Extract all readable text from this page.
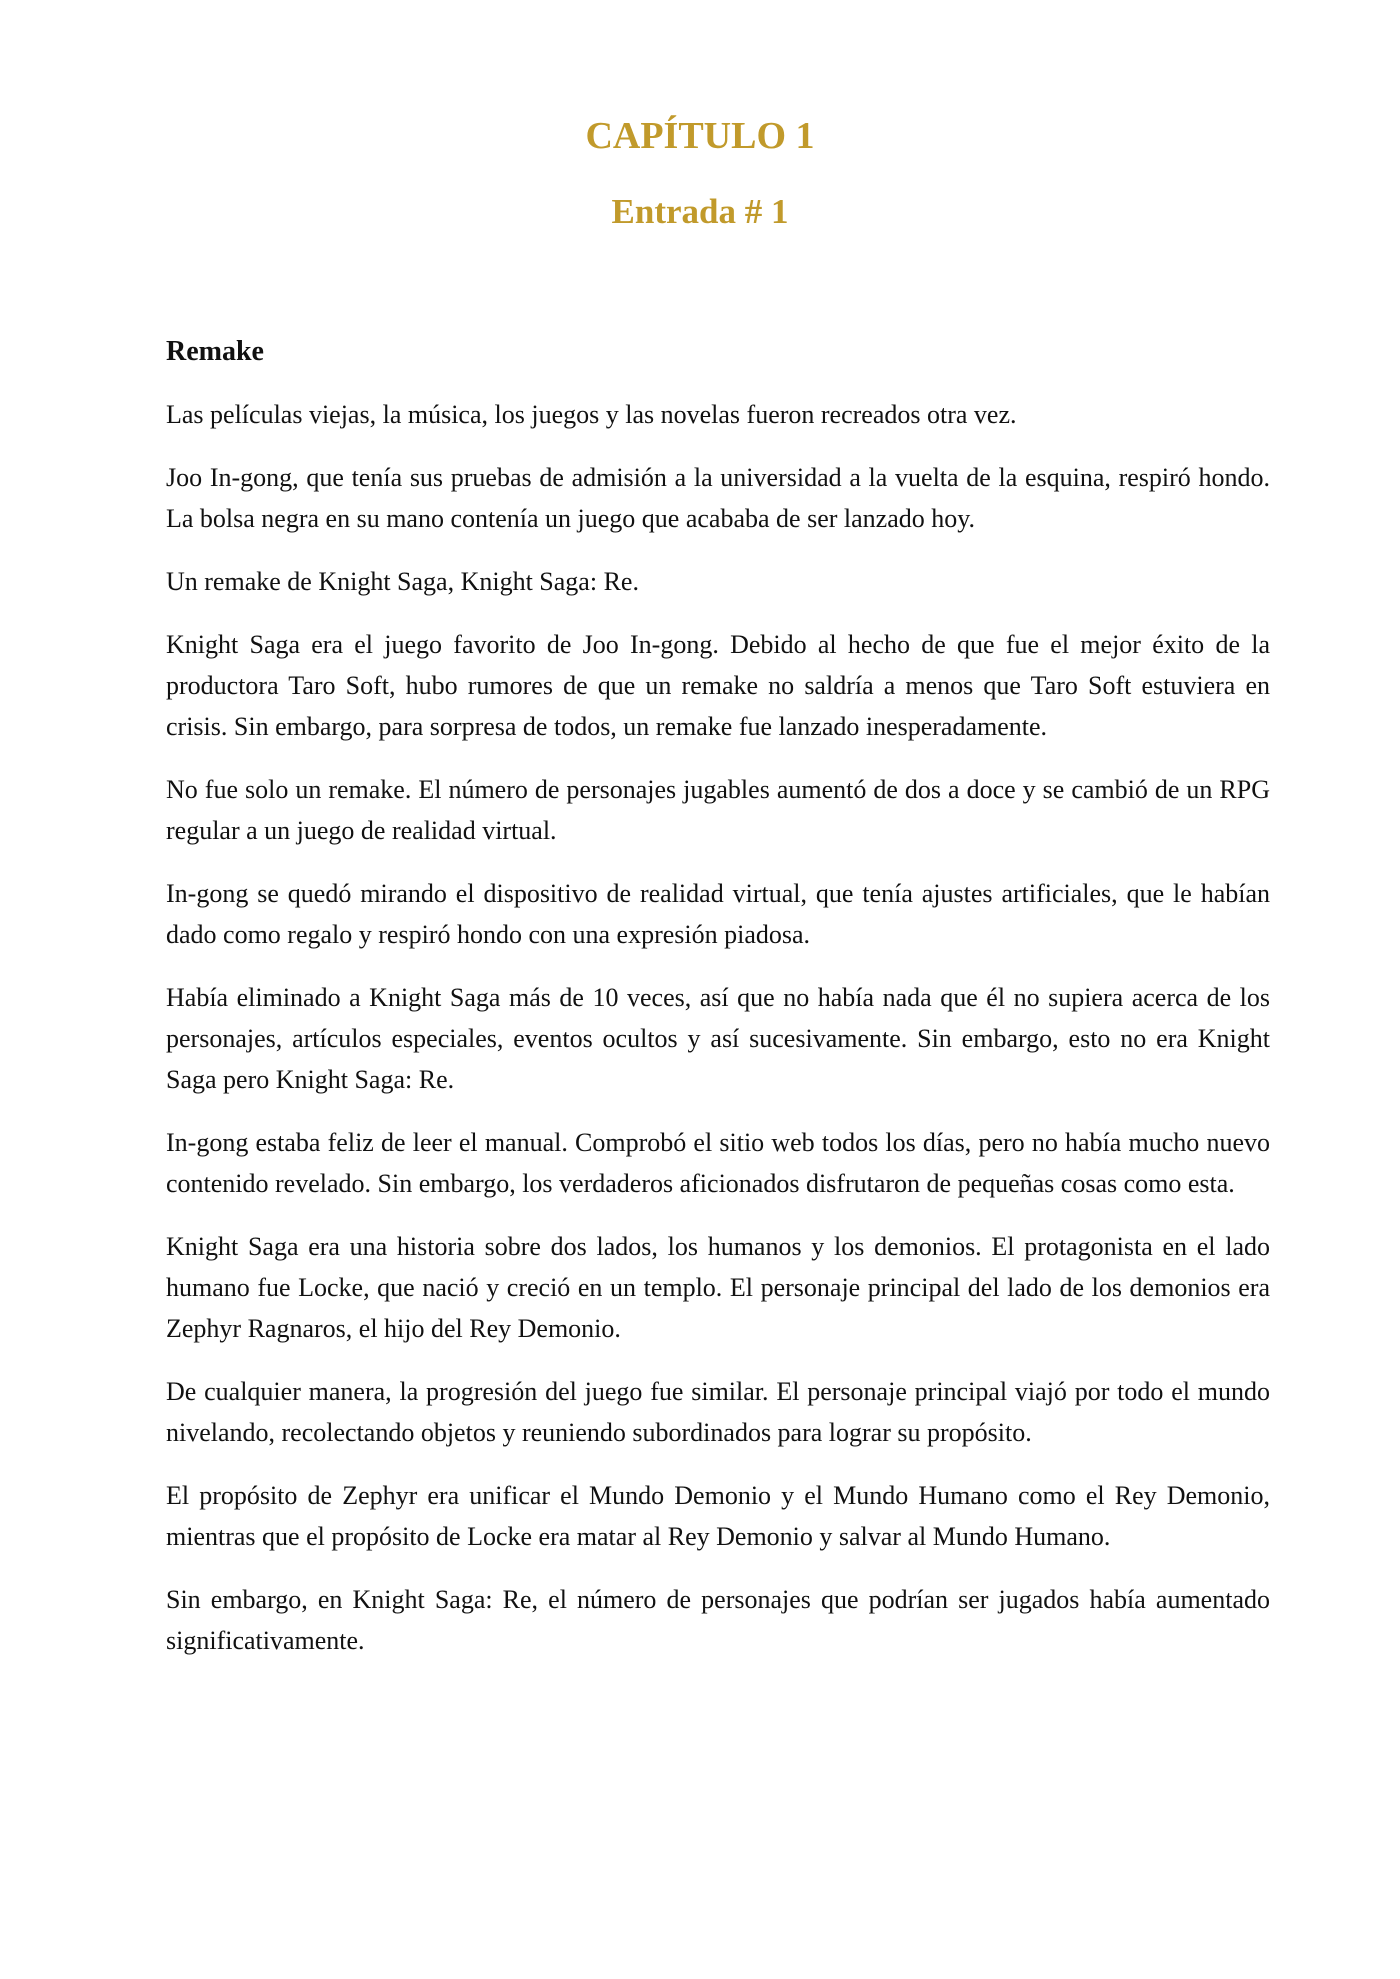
CAPÍTULO 1
Entrada # 1
Remake

Las películas viejas, la música, los juegos y las novelas fueron recreados otra vez.

Joo In-gong, que tenía sus pruebas de admisión a la universidad a la vuelta de la esquina, respiró hondo. La bolsa negra en su mano contenía un juego que acababa de ser lanzado hoy.

Un remake de Knight Saga, Knight Saga: Re.

Knight Saga era el juego favorito de Joo In-gong. Debido al hecho de que fue el mejor éxito de la productora Taro Soft, hubo rumores de que un remake no saldría a menos que Taro Soft estuviera en crisis. Sin embargo, para sorpresa de todos, un remake fue lanzado inesperadamente.

No fue solo un remake. El número de personajes jugables aumentó de dos a doce y se cambió de un RPG regular a un juego de realidad virtual.

In-gong se quedó mirando el dispositivo de realidad virtual, que tenía ajustes artificiales, que le habían dado como regalo y respiró hondo con una expresión piadosa.

Había eliminado a Knight Saga más de 10 veces, así que no había nada que él no supiera acerca de los personajes, artículos especiales, eventos ocultos y así sucesivamente. Sin embargo, esto no era Knight Saga pero Knight Saga: Re.

In-gong estaba feliz de leer el manual. Comprobó el sitio web todos los días, pero no había mucho nuevo contenido revelado. Sin embargo, los verdaderos aficionados disfrutaron de pequeñas cosas como esta.

Knight Saga era una historia sobre dos lados, los humanos y los demonios. El protagonista en el lado humano fue Locke, que nació y creció en un templo. El personaje principal del lado de los demonios era Zephyr Ragnaros, el hijo del Rey Demonio.

De cualquier manera, la progresión del juego fue similar. El personaje principal viajó por todo el mundo nivelando, recolectando objetos y reuniendo subordinados para lograr su propósito.

El propósito de Zephyr era unificar el Mundo Demonio y el Mundo Humano como el Rey Demonio, mientras que el propósito de Locke era matar al Rey Demonio y salvar al Mundo Humano.

Sin embargo, en Knight Saga: Re, el número de personajes que podrían ser jugados había aumentado significativamente.
